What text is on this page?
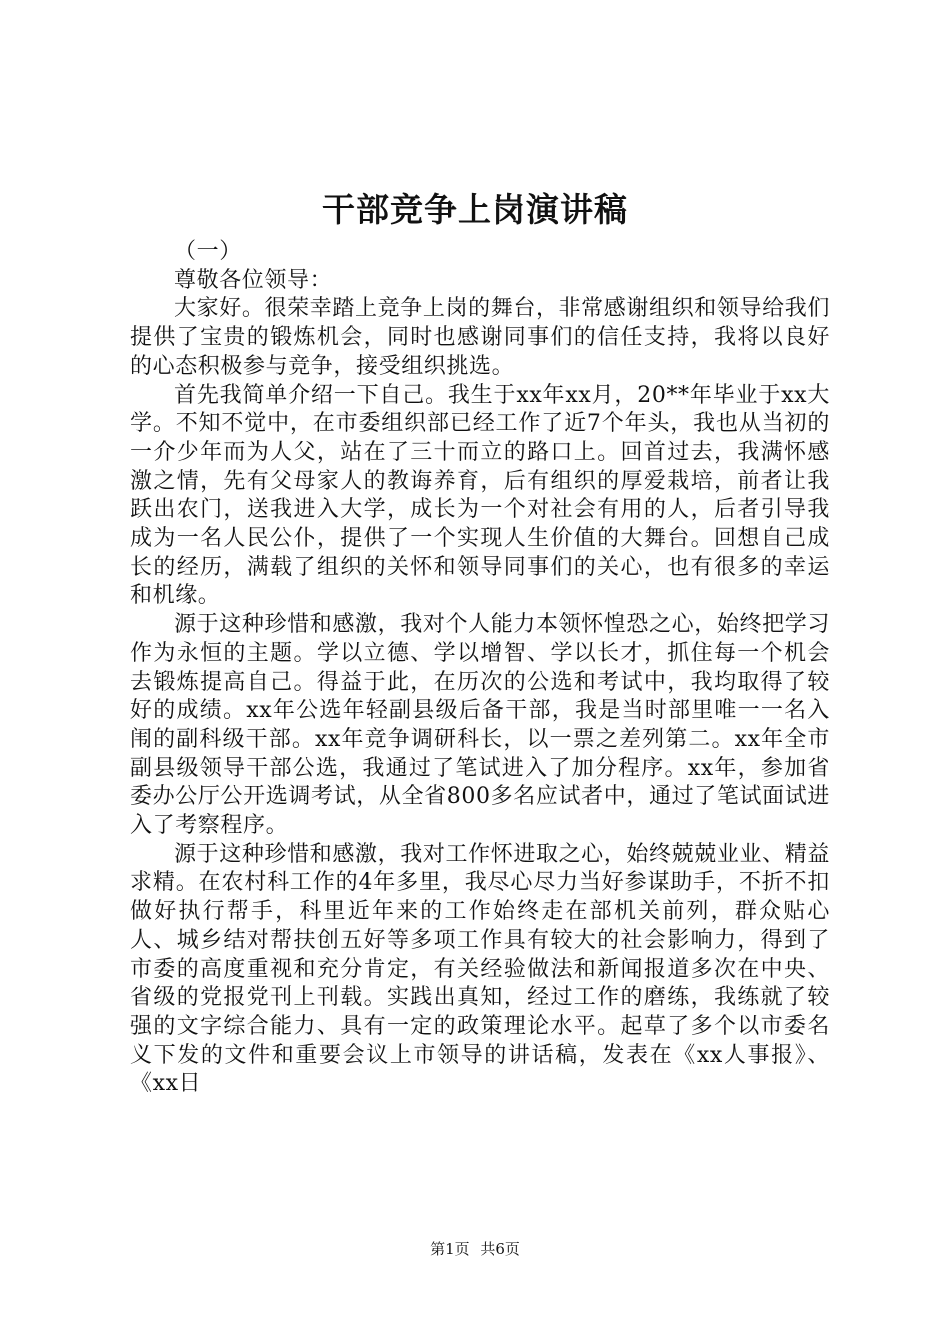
干部竞争上岗演讲稿

（一）

尊敬各位领导：

大家好。很荣幸踏上竞争上岗的舞台，非常感谢组织和领导给我们提供了宝贵的锻炼机会，同时也感谢同事们的信任支持，我将以良好的心态积极参与竞争，接受组织挑选。

首先我简单介绍一下自己。我生于xx年xx月，20**年毕业于xx大学。不知不觉中，在市委组织部已经工作了近7个年头，我也从当初的一介少年而为人父，站在了三十而立的路口上。回首过去，我满怀感激之情，先有父母家人的教诲养育，后有组织的厚爱栽培，前者让我跃出农门，送我进入大学，成长为一个对社会有用的人，后者引导我成为一名人民公仆，提供了一个实现人生价值的大舞台。回想自己成长的经历，满载了组织的关怀和领导同事们的关心，也有很多的幸运和机缘。

源于这种珍惜和感激，我对个人能力本领怀惶恐之心，始终把学习作为永恒的主题。学以立德、学以增智、学以长才，抓住每一个机会去锻炼提高自己。得益于此，在历次的公选和考试中，我均取得了较好的成绩。xx年公选年轻副县级后备干部，我是当时部里唯一一名入闱的副科级干部。xx年竞争调研科长，以一票之差列第二。xx年全市副县级领导干部公选，我通过了笔试进入了加分程序。xx年，参加省委办公厅公开选调考试，从全省800多名应试者中，通过了笔试面试进入了考察程序。

源于这种珍惜和感激，我对工作怀进取之心，始终兢兢业业、精益求精。在农村科工作的4年多里，我尽心尽力当好参谋助手，不折不扣做好执行帮手，科里近年来的工作始终走在部机关前列，群众贴心人、城乡结对帮扶创五好等多项工作具有较大的社会影响力，得到了市委的高度重视和充分肯定，有关经验做法和新闻报道多次在中央、省级的党报党刊上刊载。实践出真知，经过工作的磨练，我练就了较强的文字综合能力、具有一定的政策理论水平。起草了多个以市委名义下发的文件和重要会议上市领导的讲话稿，发表在《xx人事报》、《xx日

第1页 共6页
